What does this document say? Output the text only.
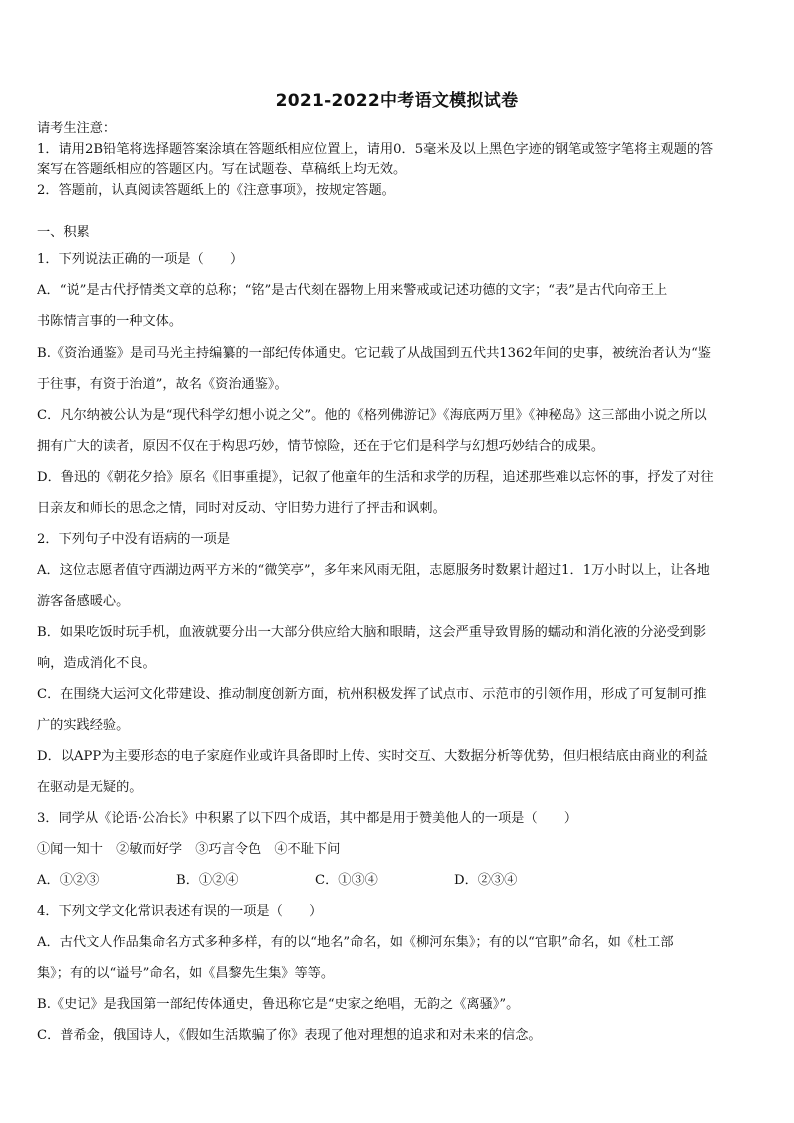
2021-2022中考语文模拟试卷
请考生注意：
1．请用2B铅笔将选择题答案涂填在答题纸相应位置上，请用0．5毫米及以上黑色字迹的钢笔或签字笔将主观题的答
案写在答题纸相应的答题区内。写在试题卷、草稿纸上均无效。
2．答题前，认真阅读答题纸上的《注意事项》，按规定答题。
一、积累
1．下列说法正确的一项是（　　）
A．“说”是古代抒情类文章的总称；“铭”是古代刻在器物上用来警戒或记述功德的文字；“表”是古代向帝王上
书陈情言事的一种文体。
B.《资治通鉴》是司马光主持编纂的一部纪传体通史。它记载了从战国到五代共1362年间的史事，被统治者认为“鉴
于往事，有资于治道”，故名《资治通鉴》。
C．凡尔纳被公认为是“现代科学幻想小说之父”。他的《格列佛游记》《海底两万里》《神秘岛》这三部曲小说之所以
拥有广大的读者，原因不仅在于构思巧妙，情节惊险，还在于它们是科学与幻想巧妙结合的成果。
D．鲁迅的《朝花夕拾》原名《旧事重提》，记叙了他童年的生活和求学的历程，追述那些难以忘怀的事，抒发了对往
日亲友和师长的思念之情，同时对反动、守旧势力进行了抨击和讽刺。
2．下列句子中没有语病的一项是
A．这位志愿者值守西湖边两平方米的“微笑亭”，多年来风雨无阻，志愿服务时数累计超过1．1万小时以上，让各地
游客备感暖心。
B．如果吃饭时玩手机，血液就要分出一大部分供应给大脑和眼睛，这会严重导致胃肠的蠕动和消化液的分泌受到影
响，造成消化不良。
C．在围绕大运河文化带建设、推动制度创新方面，杭州积极发挥了试点市、示范市的引领作用，形成了可复制可推
广的实践经验。
D．以APP为主要形态的电子家庭作业或许具备即时上传、实时交互、大数据分析等优势，但归根结底由商业的利益
在驱动是无疑的。
3．同学从《论语·公冶长》中积累了以下四个成语，其中都是用于赞美他人的一项是（　　）
①闻一知十　②敏而好学　③巧言令色　④不耻下问
A．①②③	B．①②④	C．①③④	D．②③④
4．下列文学文化常识表述有误的一项是（　　）
A．古代文人作品集命名方式多种多样，有的以“地名”命名，如《柳河东集》；有的以“官职”命名，如《杜工部
集》；有的以“谥号”命名，如《昌黎先生集》等等。
B.《史记》是我国第一部纪传体通史，鲁迅称它是“史家之绝唱，无韵之《离骚》”。
C．普希金，俄国诗人，《假如生活欺骗了你》表现了他对理想的追求和对未来的信念。
